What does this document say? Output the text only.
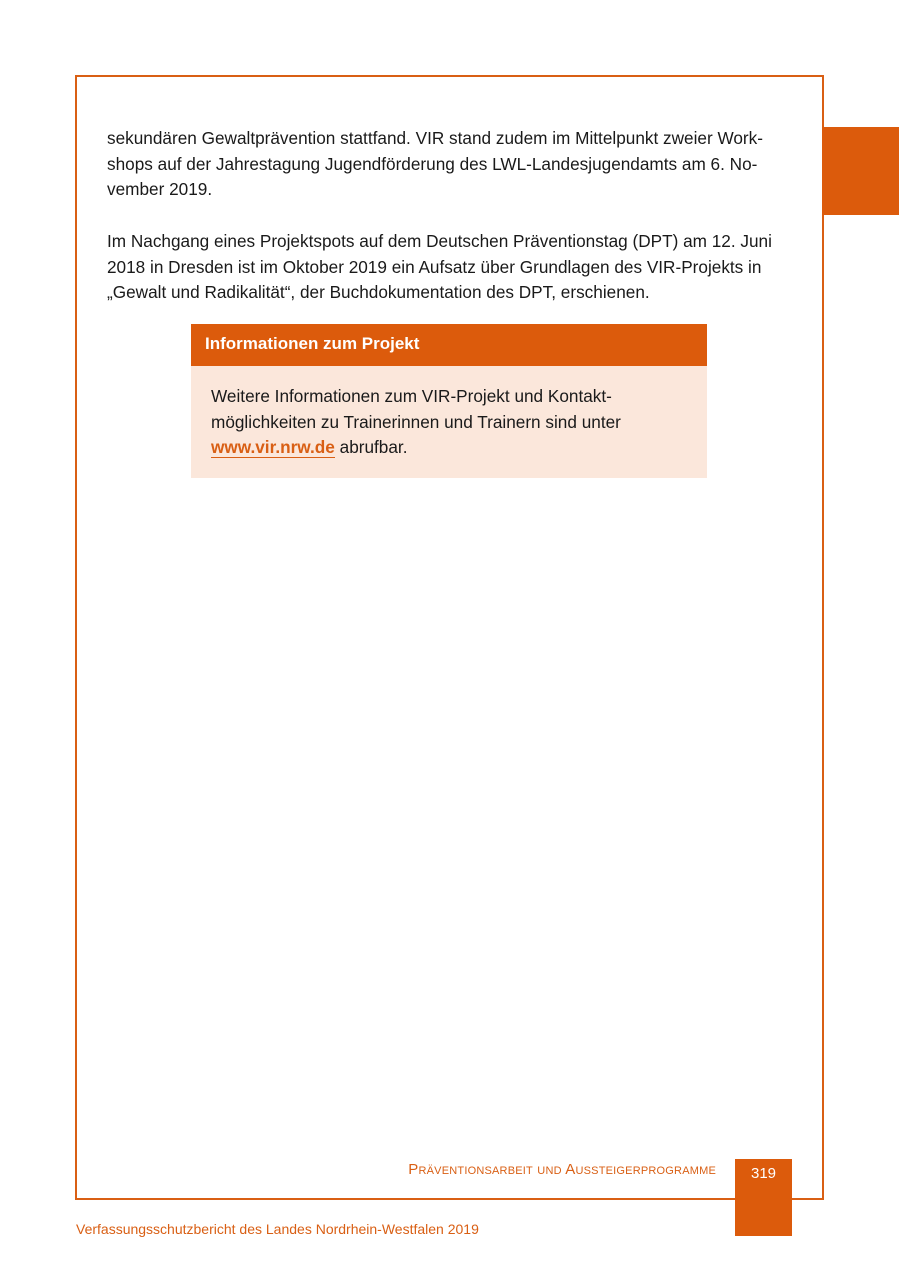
sekundären Gewaltprävention stattfand. VIR stand zudem im Mittelpunkt zweier Work-shops auf der Jahrestagung Jugendförderung des LWL-Landesjugendamts am 6. No-vember 2019.

Im Nachgang eines Projektspots auf dem Deutschen Präventionstag (DPT) am 12. Juni 2018 in Dresden ist im Oktober 2019 ein Aufsatz über Grundlagen des VIR-Projekts in „Gewalt und Radikalität“, der Buchdokumentation des DPT, erschienen.

Informationen zum Projekt

Weitere Informationen zum VIR-Projekt und Kontakt-möglichkeiten zu Trainerinnen und Trainern sind unter www.vir.nrw.de abrufbar.

Präventionsarbeit und Aussteigerprogramme	319
Verfassungsschutzbericht des Landes Nordrhein-Westfalen 2019
